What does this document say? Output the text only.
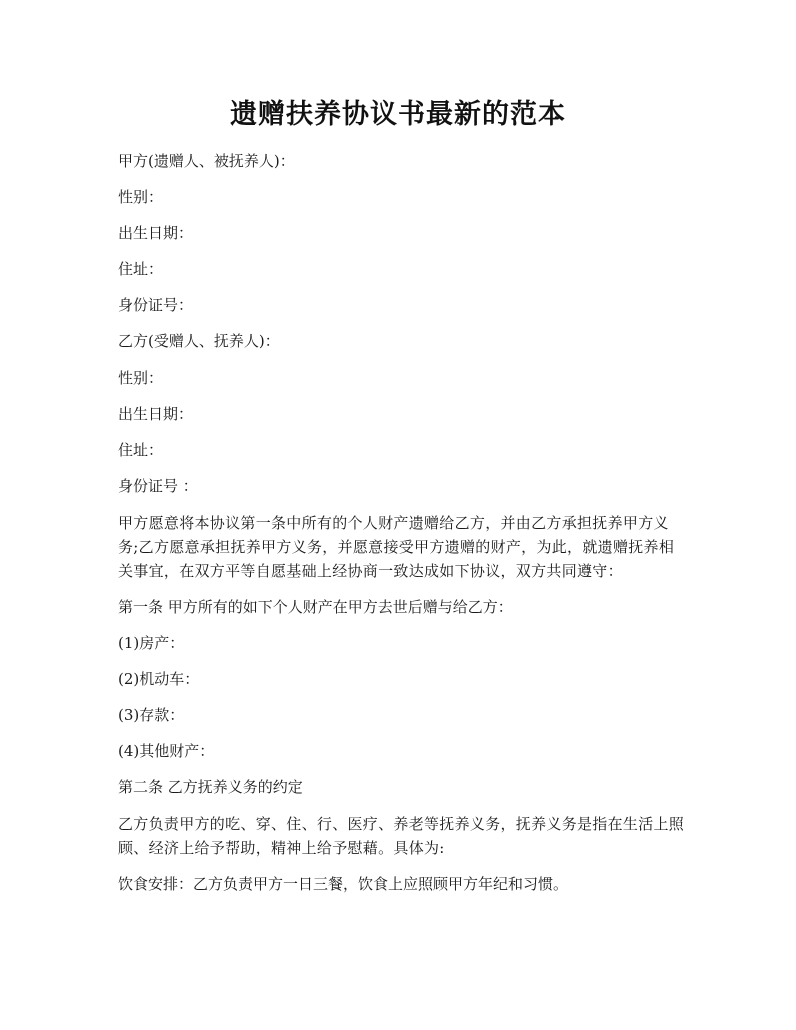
遗赠扶养协议书最新的范本
甲方(遗赠人、被抚养人)：
性别：
出生日期：
住址：
身份证号：
乙方(受赠人、抚养人)：
性别：
出生日期：
住址：
身份证号 ：
甲方愿意将本协议第一条中所有的个人财产遗赠给乙方，并由乙方承担抚养甲方义务;乙方愿意承担抚养甲方义务，并愿意接受甲方遗赠的财产，为此，就遗赠抚养相关事宜，在双方平等自愿基础上经协商一致达成如下协议，双方共同遵守：
第一条 甲方所有的如下个人财产在甲方去世后赠与给乙方：
(1)房产：
(2)机动车：
(3)存款：
(4)其他财产：
第二条 乙方抚养义务的约定
乙方负责甲方的吃、穿、住、行、医疗、养老等抚养义务，抚养义务是指在生活上照顾、经济上给予帮助，精神上给予慰藉。具体为:
饮食安排：乙方负责甲方一日三餐，饮食上应照顾甲方年纪和习惯。
